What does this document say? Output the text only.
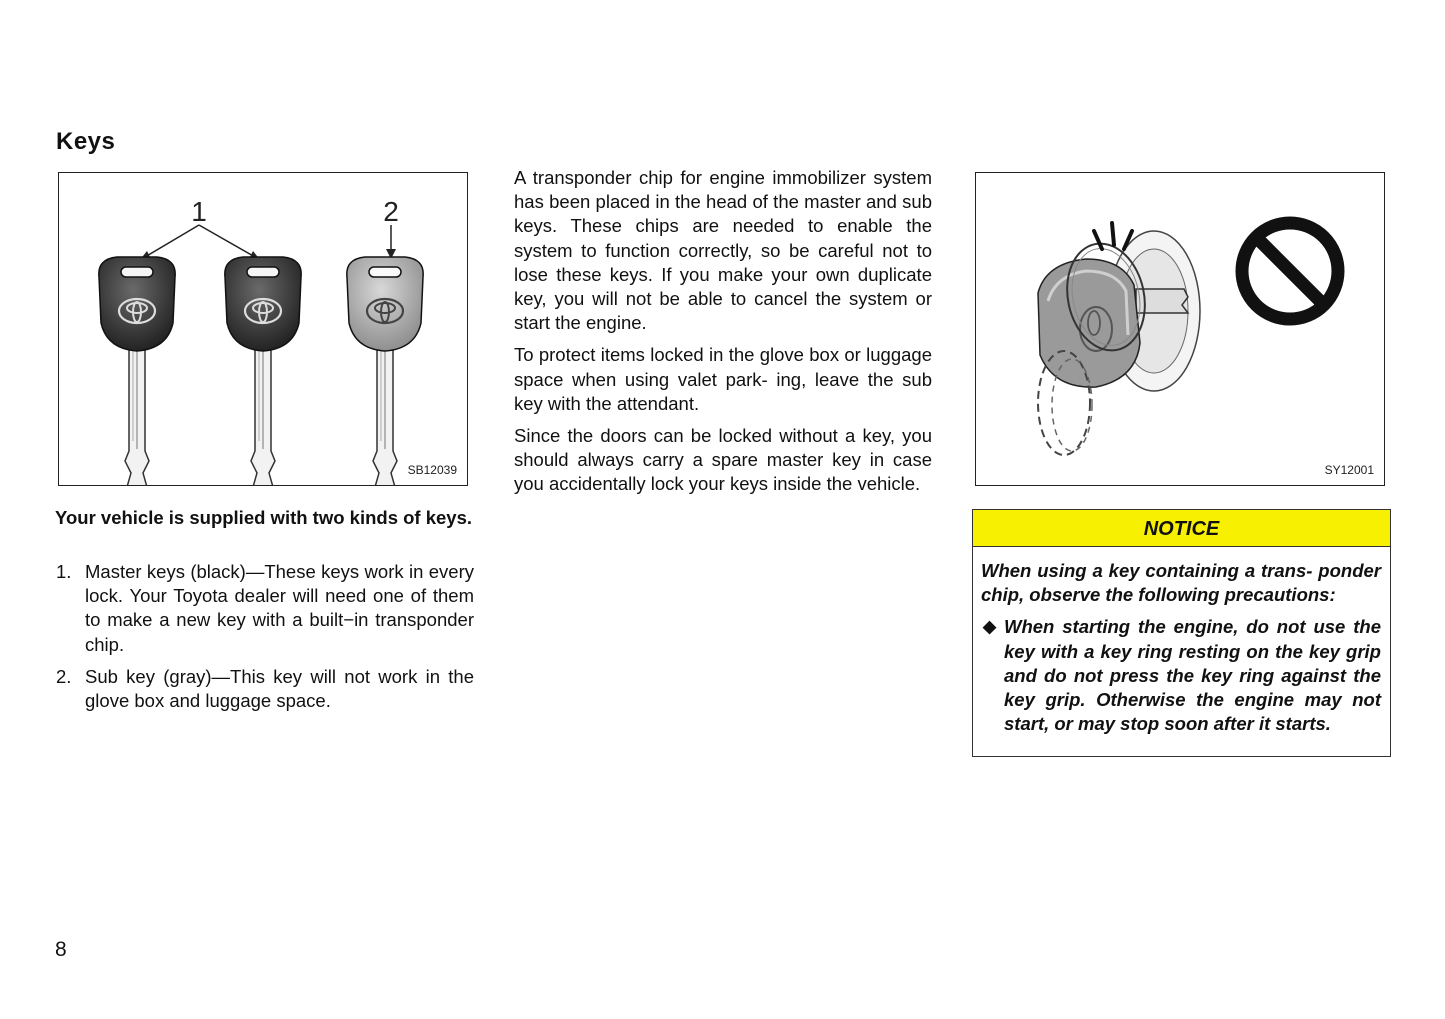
Keys
1	2
SB12039	SY12001
Your vehicle is supplied with two kinds of keys.
1. Master keys (black)—These keys work in every lock. Your Toyota dealer will need one of them to make a new key with a built−in transponder chip.
2. Sub key (gray)—This key will not work in the glove box and luggage space.

A transponder chip for engine immobilizer system has been placed in the head of the master and sub keys. These chips are needed to enable the system to function correctly, so be careful not to lose these keys. If you make your own duplicate key, you will not be able to cancel the system or start the engine.

To protect items locked in the glove box or luggage space when using valet park- ing, leave the sub key with the attendant.

Since the doors can be locked without a key, you should always carry a spare master key in case you accidentally lock your keys inside the vehicle.

NOTICE

When using a key containing a trans- ponder chip, observe the following precautions:

◆ When starting the engine, do not use the key with a key ring resting on the key grip and do not press the key ring against the key grip. Otherwise the engine may not start, or may stop soon after it starts.

8
